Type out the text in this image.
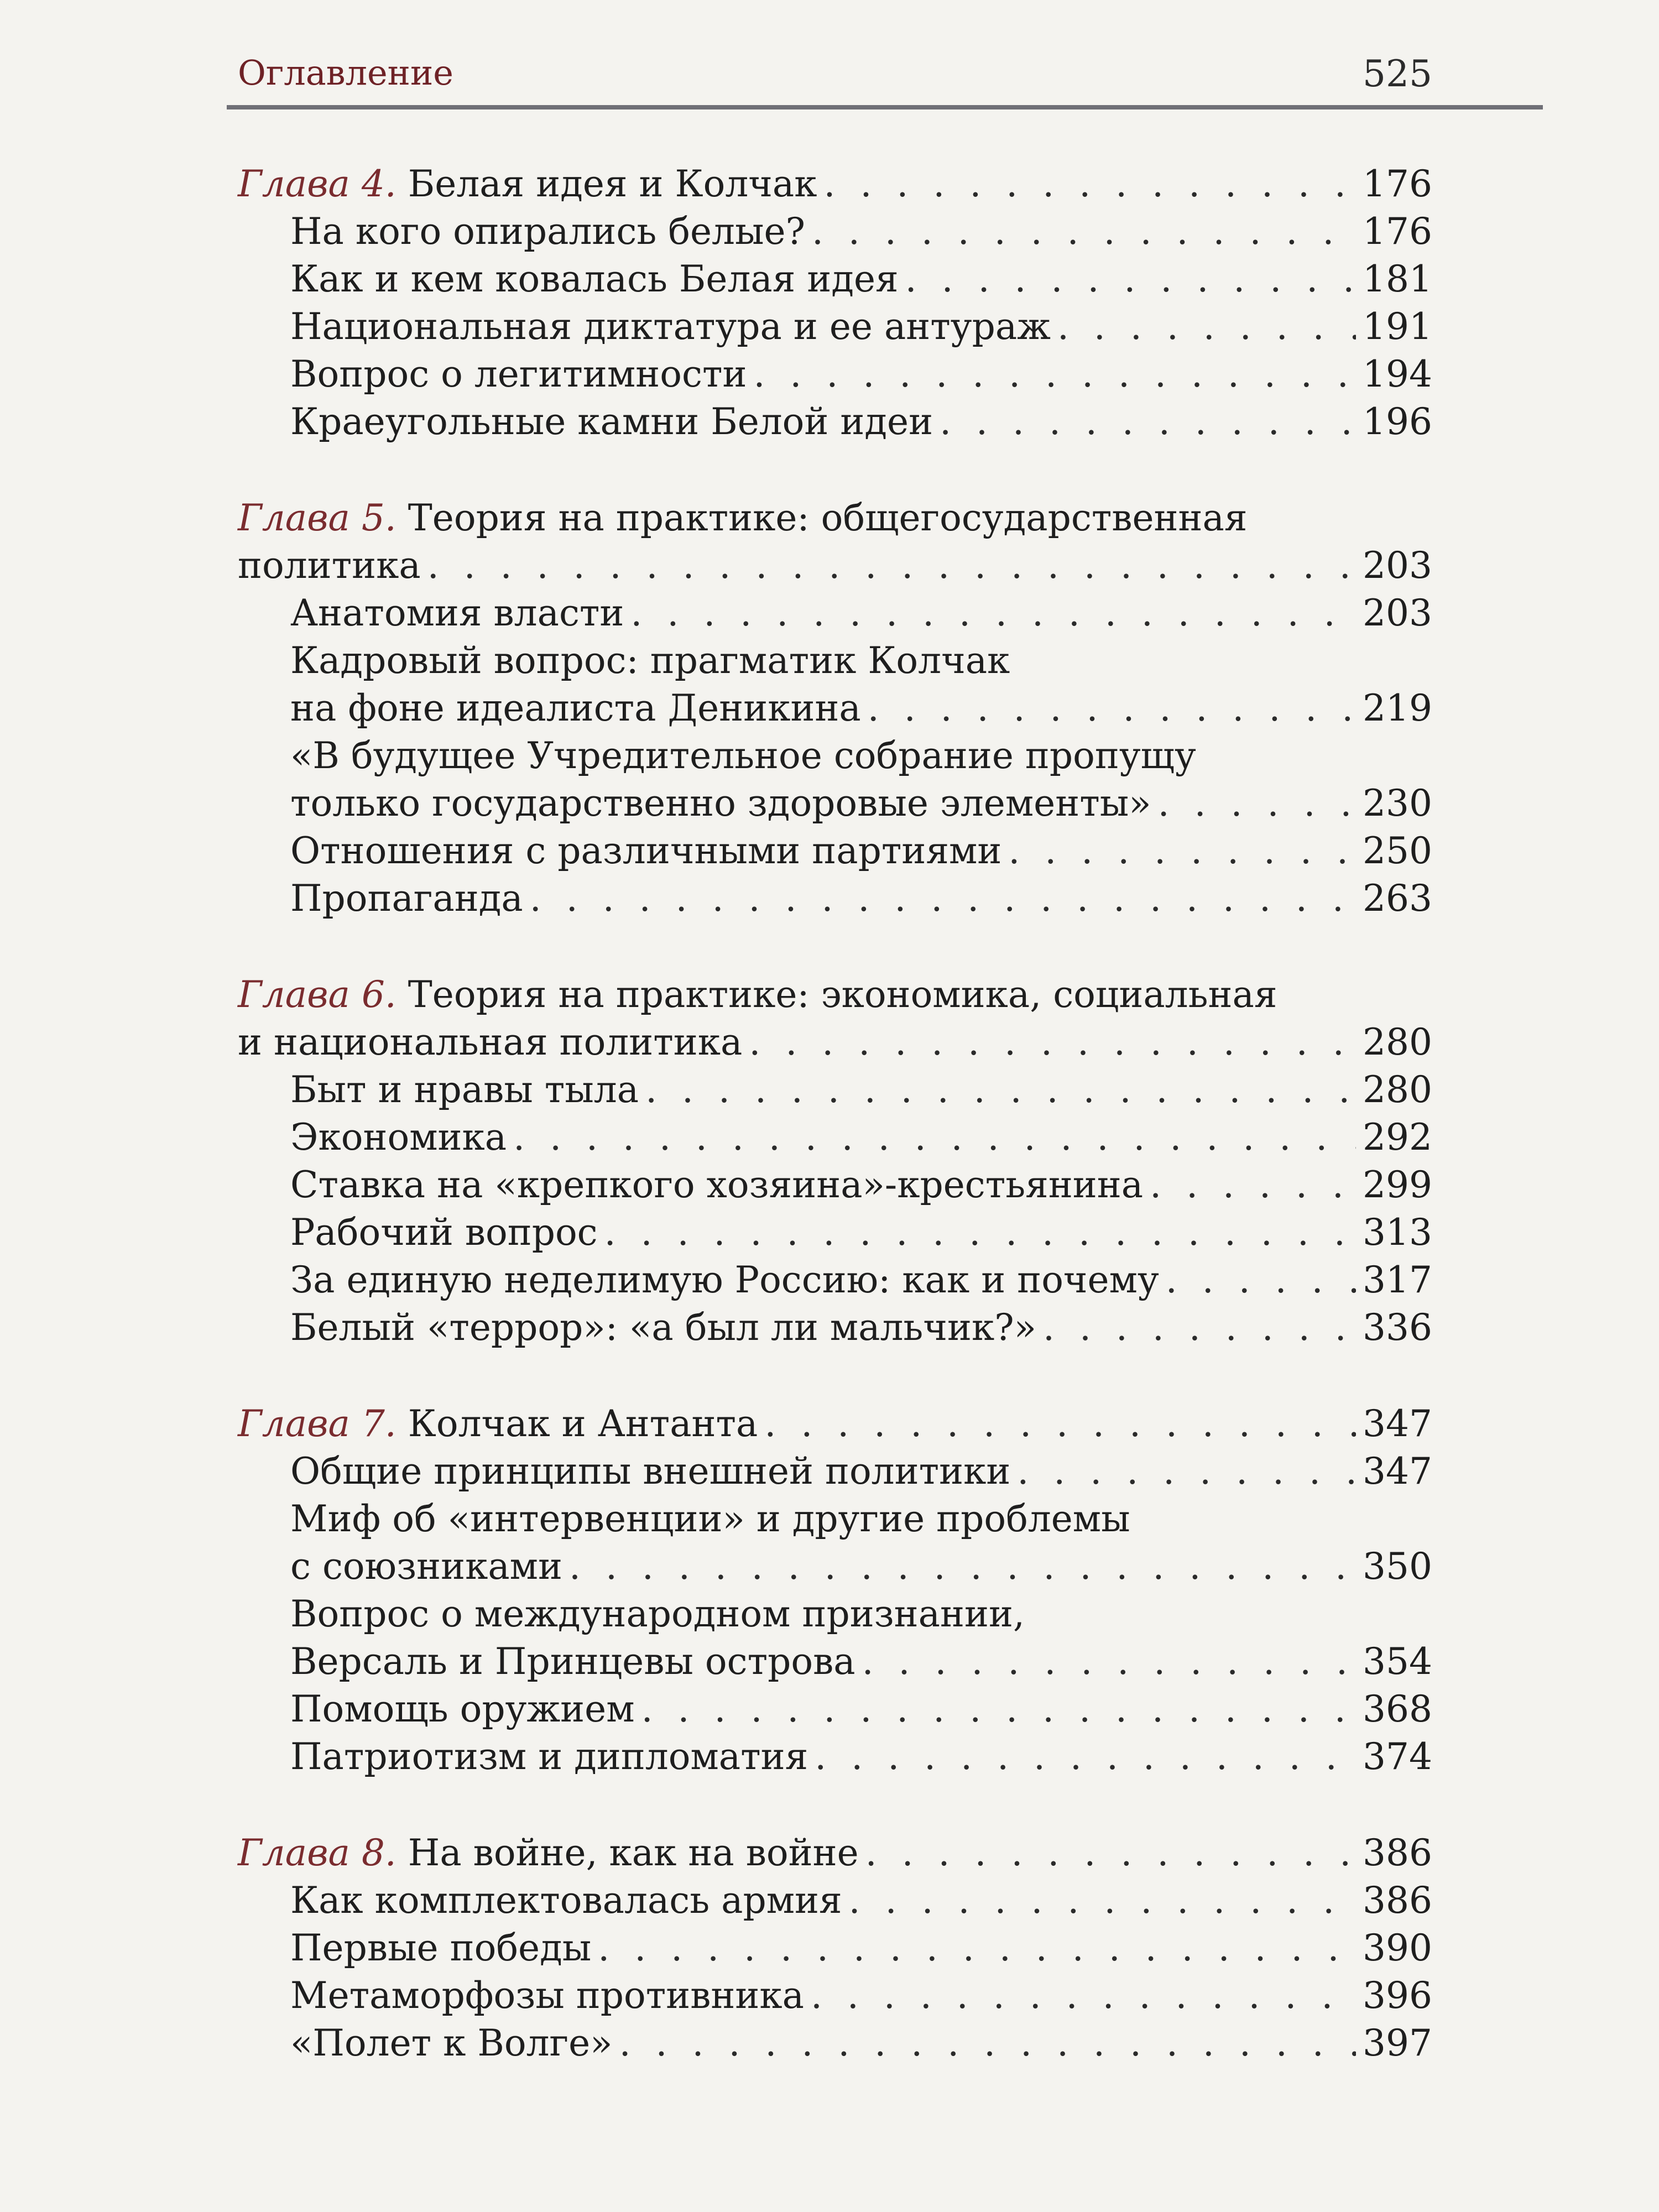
Оглавление	525
Глава 4. Белая идея и Колчак . . .	176
На кого опирались белые? . . .	176
Как и кем ковалась Белая идея . . .	181
Национальная диктатура и ее антураж . . .	191
Вопрос о легитимности . . .	194
Краеугольные камни Белой идеи . . .	196
Глава 5. Теория на практике: общегосударственная
политика . . .	203
Анатомия власти . . .	203
Кадровый вопрос: прагматик Колчак
на фоне идеалиста Деникина . . .	219
«В будущее Учредительное собрание пропущу
только государственно здоровые элементы» . . .	230
Отношения с различными партиями . . .	250
Пропаганда . . .	263
Глава 6. Теория на практике: экономика, социальная
и национальная политика . . .	280
Быт и нравы тыла . . .	280
Экономика . . .	292
Ставка на «крепкого хозяина»-крестьянина . . .	299
Рабочий вопрос . . .	313
За единую неделимую Россию: как и почему . . .	317
Белый «террор»: «а был ли мальчик?» . . .	336
Глава 7. Колчак и Антанта . . .	347
Общие принципы внешней политики . . .	347
Миф об «интервенции» и другие проблемы
с союзниками . . .	350
Вопрос о международном признании,
Версаль и Принцевы острова . . .	354
Помощь оружием . . .	368
Патриотизм и дипломатия . . .	374
Глава 8. На войне, как на войне . . .	386
Как комплектовалась армия . . .	386
Первые победы . . .	390
Метаморфозы противника . . .	396
«Полет к Волге» . . .	397
